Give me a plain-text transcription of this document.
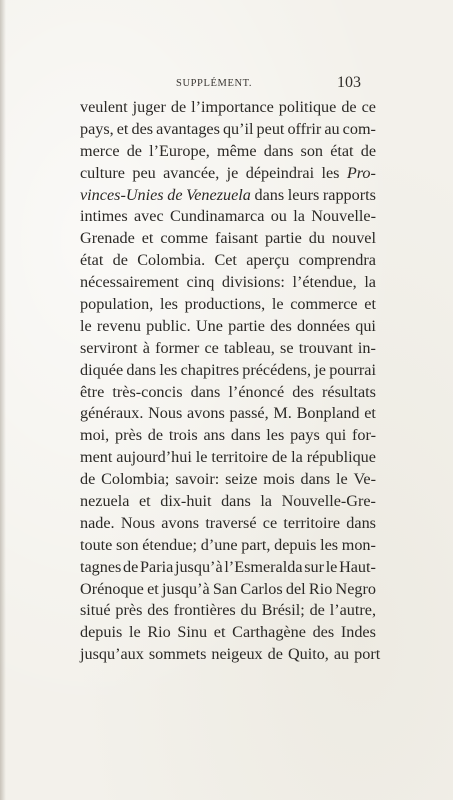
SUPPLÉMENT.	103
veulent juger de l’importance politique de ce
pays, et des avantages qu’il peut offrir au com-
merce de l’Europe, même dans son état de
culture peu avancée, je dépeindrai les Pro-
vinces-Unies de Venezuela dans leurs rapports
intimes avec Cundinamarca ou la Nouvelle-
Grenade et comme faisant partie du nouvel
état de Colombia. Cet aperçu comprendra
nécessairement cinq divisions: l’étendue, la
population, les productions, le commerce et
le revenu public. Une partie des données qui
serviront à former ce tableau, se trouvant in-
diquée dans les chapitres précédens, je pourrai
être très-concis dans l’énoncé des résultats
généraux. Nous avons passé, M. Bonpland et
moi, près de trois ans dans les pays qui for-
ment aujourd’hui le territoire de la république
de Colombia; savoir: seize mois dans le Ve-
nezuela et dix-huit dans la Nouvelle-Gre-
nade. Nous avons traversé ce territoire dans
toute son étendue; d’une part, depuis les mon-
tagnes de Paria jusqu’à l’Esmeralda sur le Haut-
Orénoque et jusqu’à San Carlos del Rio Negro
situé près des frontières du Brésil; de l’autre,
depuis le Rio Sinu et Carthagène des Indes
jusqu’aux sommets neigeux de Quito, au port
